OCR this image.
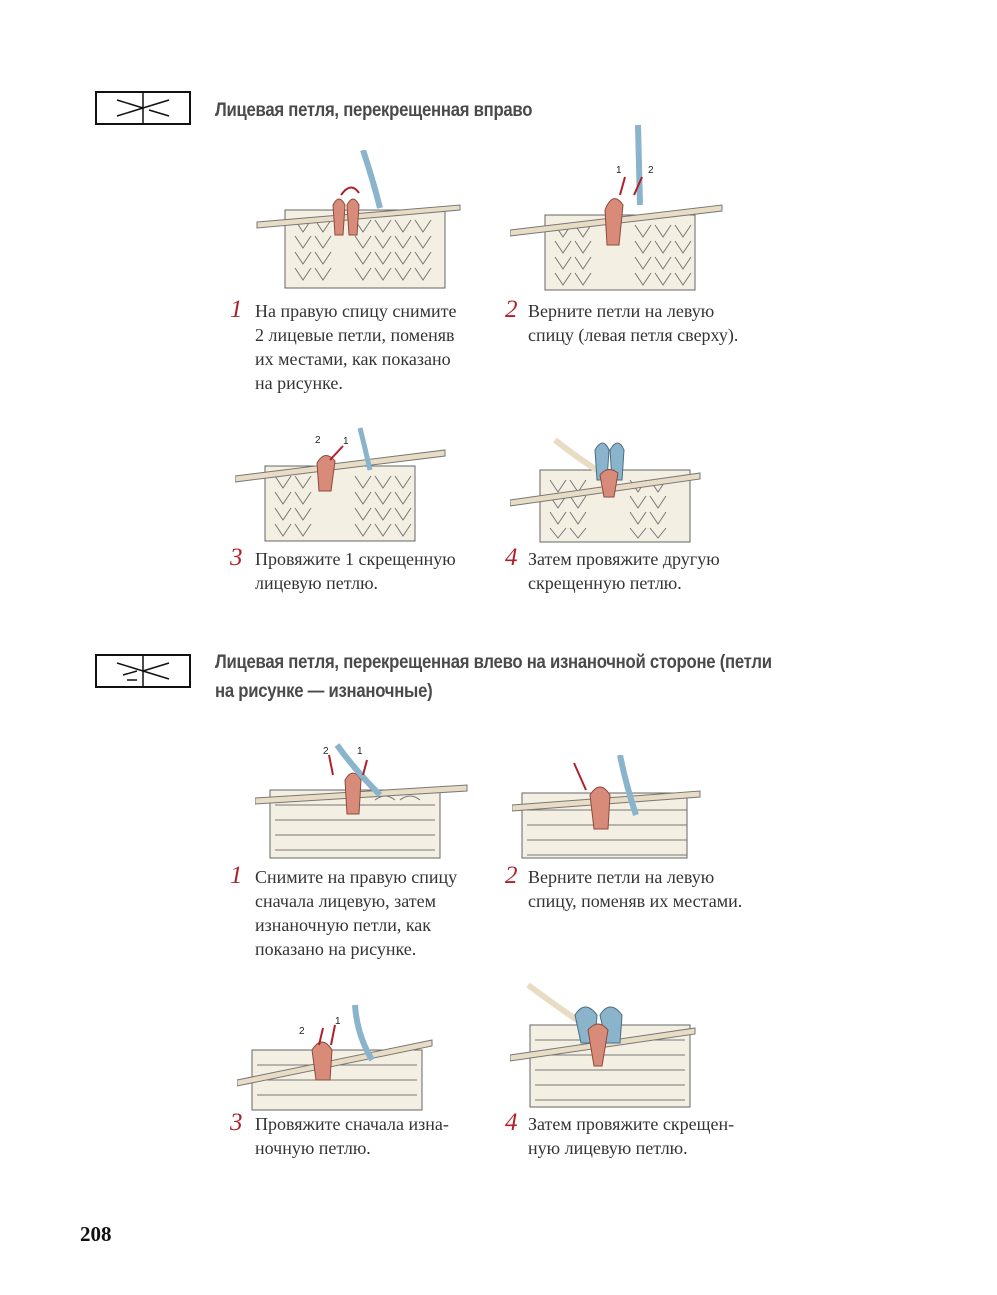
Лицевая петля, перекрещенная вправо
1 На правую спицу снимите
2 лицевые петли, поменяв
их местами, как показано
на рисунке.
1	2
2 Верните петли на левую
спицу (левая петля сверху).
2 1
3 Провяжите 1 скрещенную
лицевую петлю.
4 Затем провяжите другую
скрещенную петлю.
Лицевая петля, перекрещенная влево на изнаночной стороне (петли
на рисунке — изнаночные)
2	1
1 Снимите на правую спицу
сначала лицевую, затем
изнаночную петли, как
показано на рисунке.
2 Верните петли на левую
спицу, поменяв их местами.
2
1
3 Провяжите сначала изна-
ночную петлю.
4 Затем провяжите скрещен-
ную лицевую петлю.
208
